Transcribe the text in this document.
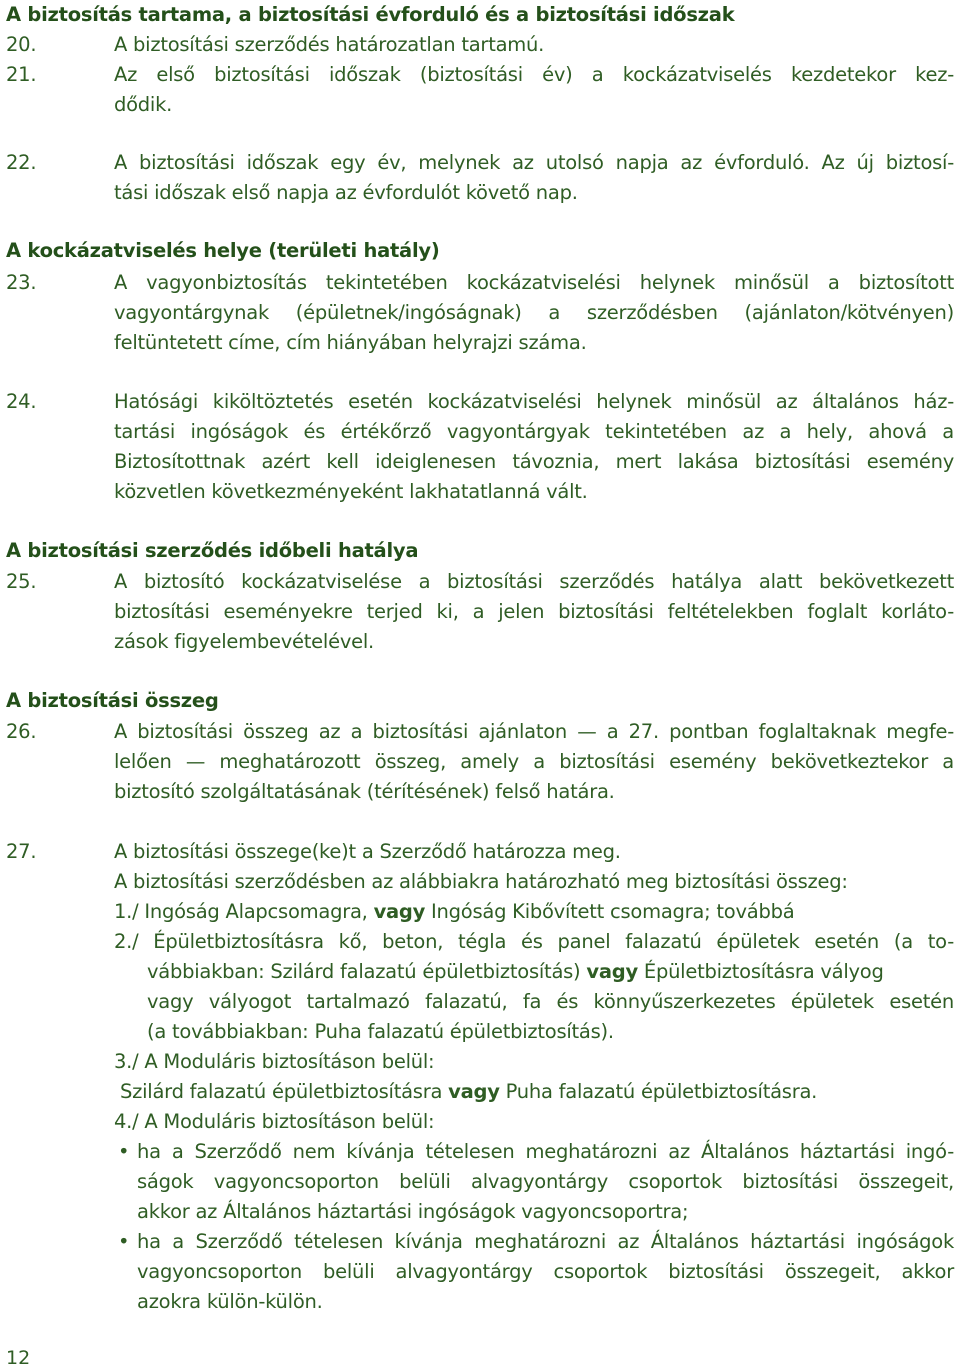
A biztosítás tartama, a biztosítási évforduló és a biztosítási időszak
20.	A biztosítási szerződés határozatlan tartamú.
21.	Az első biztosítási időszak (biztosítási év) a kockázatviselés kezdetekor kez-
dődik.
22.	A biztosítási időszak egy év, melynek az utolsó napja az évforduló. Az új biztosí-
tási időszak első napja az évfordulót követő nap.
A kockázatviselés helye (területi hatály)
23.	A vagyonbiztosítás tekintetében kockázatviselési helynek minősül a biztosított
vagyontárgynak (épületnek/ingóságnak) a szerződésben (ajánlaton/kötvényen)
feltüntetett címe, cím hiányában helyrajzi száma.
24.	Hatósági kiköltöztetés esetén kockázatviselési helynek minősül az általános ház-
tartási ingóságok és értékőrző vagyontárgyak tekintetében az a hely, ahová a
Biztosítottnak azért kell ideiglenesen távoznia, mert lakása biztosítási esemény
közvetlen következményeként lakhatatlanná vált.
A biztosítási szerződés időbeli hatálya
25.	A biztosító kockázatviselése a biztosítási szerződés hatálya alatt bekövetkezett
biztosítási eseményekre terjed ki, a jelen biztosítási feltételekben foglalt korláto-
zások figyelembevételével.
A biztosítási összeg
26.	A biztosítási összeg az a biztosítási ajánlaton — a 27. pontban foglaltaknak megfe-
lelően — meghatározott összeg, amely a biztosítási esemény bekövetkeztekor a
biztosító szolgáltatásának (térítésének) felső határa.
27.	A biztosítási összege(ke)t a Szerződő határozza meg.
A biztosítási szerződésben az alábbiakra határozható meg biztosítási összeg:
1./ Ingóság Alapcsomagra, vagy Ingóság Kibővített csomagra; továbbá
2./ Épületbiztosításra kő, beton, tégla és panel falazatú épületek esetén (a to-
vábbiakban: Szilárd falazatú épületbiztosítás) vagy Épületbiztosításra vályog
vagy vályogot tartalmazó falazatú, fa és könnyűszerkezetes épületek esetén
(a továbbiakban: Puha falazatú épületbiztosítás).
3./ A Moduláris biztosításon belül:
Szilárd falazatú épületbiztosításra vagy Puha falazatú épületbiztosításra.
4./ A Moduláris biztosításon belül:
• ha a Szerződő nem kívánja tételesen meghatározni az Általános háztartási ingó-
ságok vagyoncsoporton belüli alvagyontárgy csoportok biztosítási összegeit,
akkor az Általános háztartási ingóságok vagyoncsoportra;
• ha a Szerződő tételesen kívánja meghatározni az Általános háztartási ingóságok
vagyoncsoporton belüli alvagyontárgy csoportok biztosítási összegeit, akkor
azokra külön-külön.
12
